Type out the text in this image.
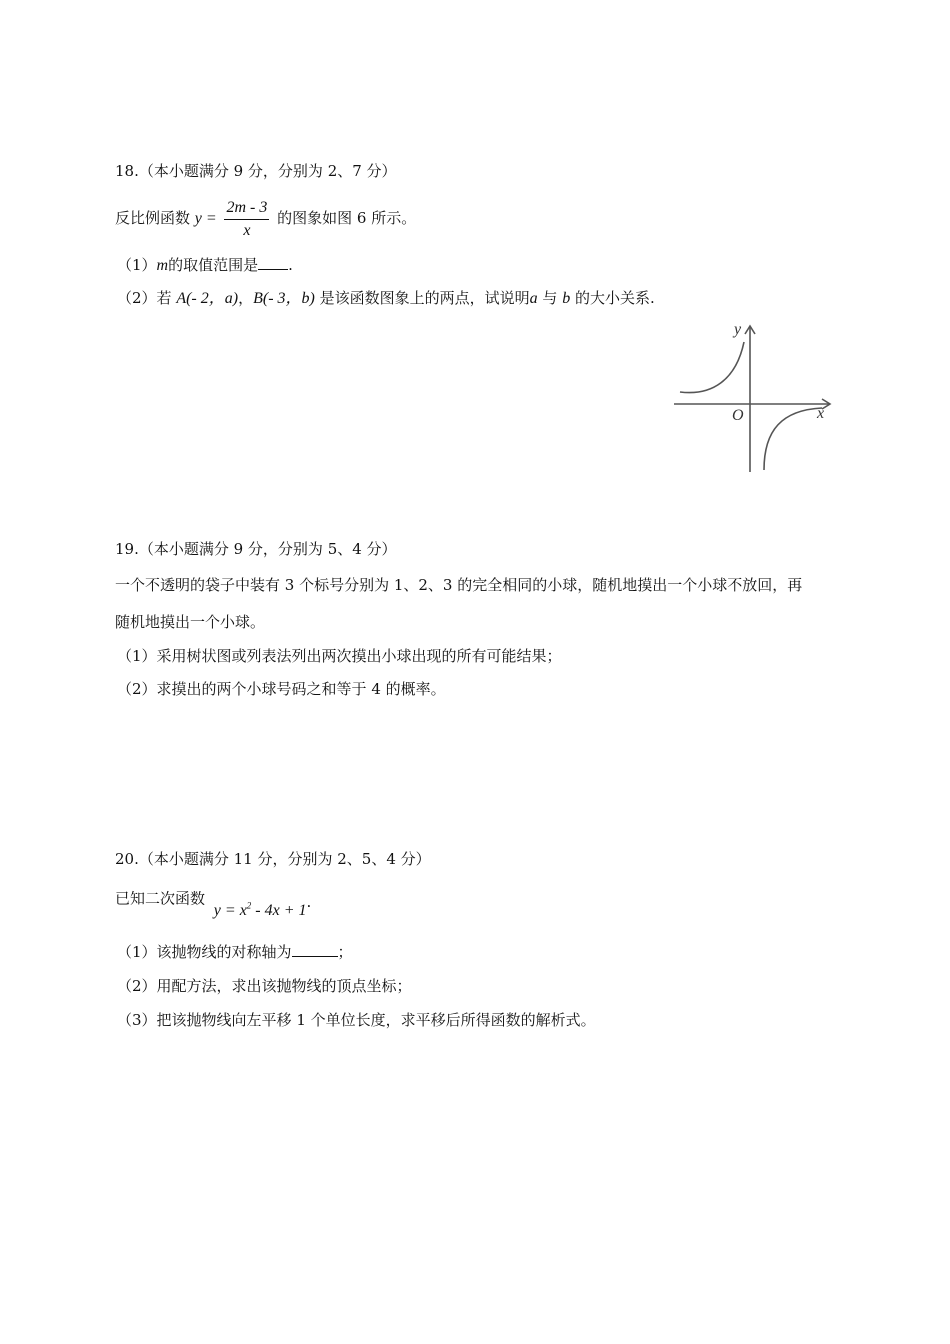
18.（本小题满分 9 分，分别为 2、7 分）
反比例函数 $y = \frac{2m - 3}{x}$ 的图象如图 6 所示。
（1）m的取值范围是 .
（2）若 A(- 2，a)，B(- 3，b) 是该函数图象上的两点，试说明a 与 b 的大小关系.
y
x
O
19.（本小题满分 9 分，分别为 5、4 分）
一个不透明的袋子中装有 3 个标号分别为 1、2、3 的完全相同的小球，随机地摸出一个小球不放回，再
随机地摸出一个小球。
（1）采用树状图或列表法列出两次摸出小球出现的所有可能结果；
（2）求摸出的两个小球号码之和等于 4 的概率。
20.（本小题满分 11 分，分别为 2、5、4 分）
已知二次函数 $y = x^2 - 4x + 1$.
（1）该抛物线的对称轴为	；
（2）用配方法，求出该抛物线的顶点坐标；
（3）把该抛物线向左平移 1 个单位长度，求平移后所得函数的解析式。
